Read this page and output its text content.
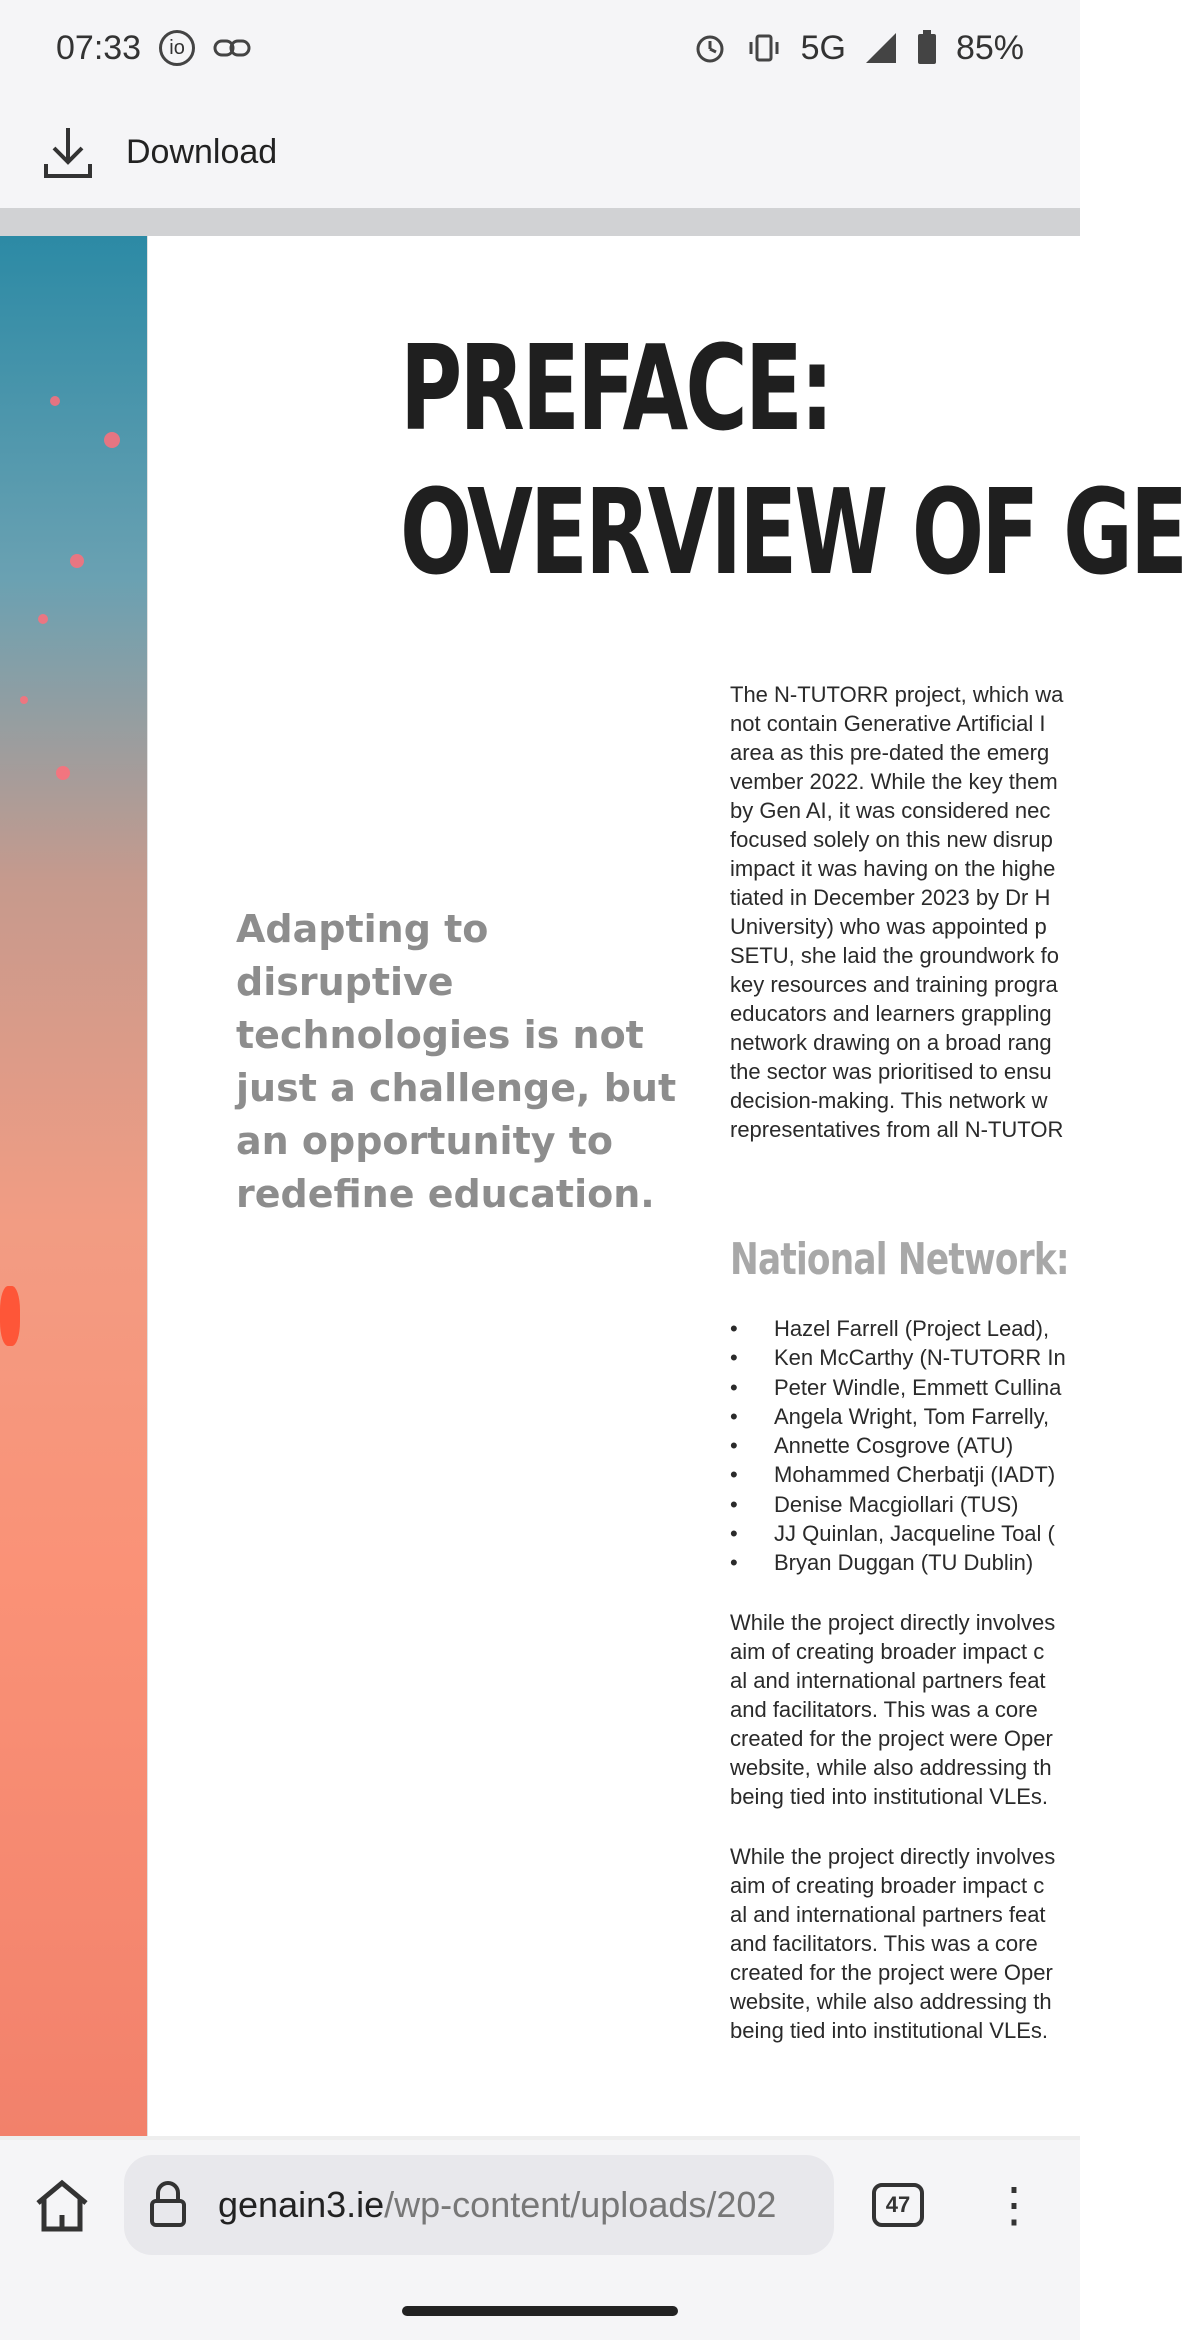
07:33	io	5G	85%
Download
PREFACE:
OVERVIEW OF GE
Adapting to disruptive technologies is not just a challenge, but an opportunity to redefine education.
The N-TUTORR project, which wa
not contain Generative Artificial I
area as this pre-dated the emerg
vember 2022. While the key them
by Gen AI, it was considered nec
focused solely on this new disrup
impact it was having on the highe
tiated in December 2023 by Dr H
University) who was appointed p
SETU, she laid the groundwork fo
key resources and training progra
educators and learners grappling
network drawing on a broad rang
the sector was prioritised to ensu
decision-making. This network w
representatives from all N-TUTOR
National Network:
• Hazel Farrell (Project Lead),
• Ken McCarthy (N-TUTORR In
• Peter Windle, Emmett Cullina
• Angela Wright, Tom Farrelly,
• Annette Cosgrove (ATU)
• Mohammed Cherbatji (IADT)
• Denise Macgiollari (TUS)
• JJ Quinlan, Jacqueline Toal (
• Bryan Duggan (TU Dublin)
While the project directly involves
aim of creating broader impact c
al and international partners feat
and facilitators. This was a core
created for the project were Oper
website, while also addressing th
being tied into institutional VLEs.
While the project directly involves
aim of creating broader impact c
al and international partners feat
and facilitators. This was a core
created for the project were Oper
website, while also addressing th
being tied into institutional VLEs.
genain3.ie/wp-content/uploads/202	47 ⋮
